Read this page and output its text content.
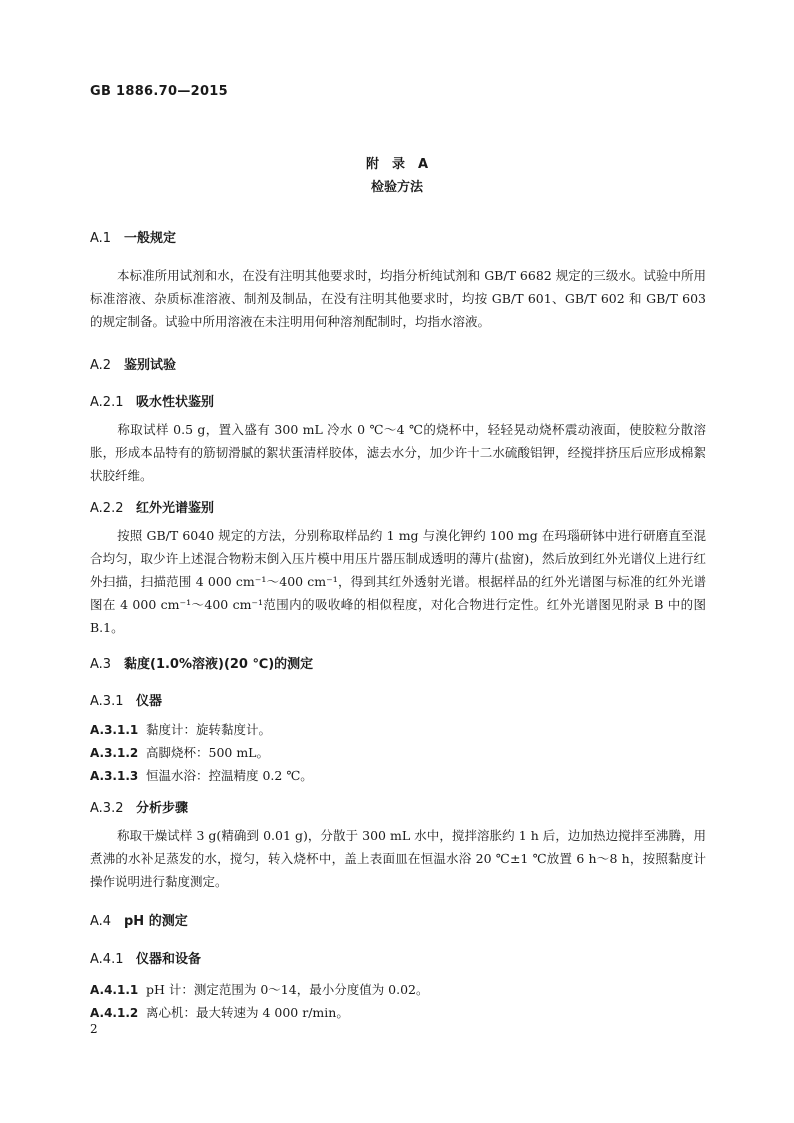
GB 1886.70—2015
附　录　A
检验方法
A.1 一般规定
本标准所用试剂和水，在没有注明其他要求时，均指分析纯试剂和 GB/T 6682 规定的三级水。试验中所用标准溶液、杂质标准溶液、制剂及制品，在没有注明其他要求时，均按 GB/T 601、GB/T 602 和 GB/T 603 的规定制备。试验中所用溶液在未注明用何种溶剂配制时，均指水溶液。
A.2 鉴别试验
A.2.1 吸水性状鉴别
称取试样 0.5 g，置入盛有 300 mL 冷水 0 ℃～4 ℃的烧杯中，轻轻晃动烧杯震动液面，使胶粒分散溶胀，形成本品特有的筋韧滑腻的絮状蛋清样胶体，滤去水分，加少许十二水硫酸铝钾，经搅拌挤压后应形成棉絮状胶纤维。
A.2.2 红外光谱鉴别
按照 GB/T 6040 规定的方法，分别称取样品约 1 mg 与溴化钾约 100 mg 在玛瑙研钵中进行研磨直至混合均匀，取少许上述混合物粉末倒入压片模中用压片器压制成透明的薄片(盐窗)，然后放到红外光谱仪上进行红外扫描，扫描范围 4 000 cm⁻¹～400 cm⁻¹，得到其红外透射光谱。根据样品的红外光谱图与标准的红外光谱图在 4 000 cm⁻¹～400 cm⁻¹范围内的吸收峰的相似程度，对化合物进行定性。红外光谱图见附录 B 中的图 B.1。
A.3 黏度(1.0%溶液)(20 ℃)的测定
A.3.1 仪器
A.3.1.1 黏度计：旋转黏度计。
A.3.1.2 高脚烧杯：500 mL。
A.3.1.3 恒温水浴：控温精度 0.2 ℃。
A.3.2 分析步骤
称取干燥试样 3 g(精确到 0.01 g)，分散于 300 mL 水中，搅拌溶胀约 1 h 后，边加热边搅拌至沸腾，用煮沸的水补足蒸发的水，搅匀，转入烧杯中，盖上表面皿在恒温水浴 20 ℃±1 ℃放置 6 h～8 h，按照黏度计操作说明进行黏度测定。
A.4 pH 的测定
A.4.1 仪器和设备
A.4.1.1 pH 计：测定范围为 0～14，最小分度值为 0.02。
A.4.1.2 离心机：最大转速为 4 000 r/min。
2
